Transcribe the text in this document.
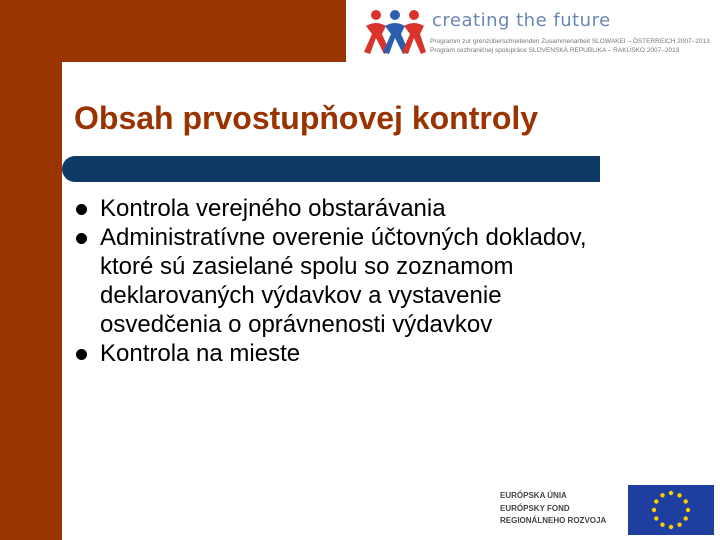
creating the future
Programm zur grenzüberschreitenden Zusammenarbeit SLOWAKEI – ÖSTERREICH 2007–2013
Program cezhraničnej spolupráce SLOVENSKÁ REPUBLIKA – RAKÚSKO 2007–2013
Obsah prvostupňovej kontroly
Kontrola verejného obstarávania
Administratívne overenie účtovných dokladov, ktoré sú zasielané spolu so zoznamom deklarovaných výdavkov a vystavenie osvedčenia o oprávnenosti výdavkov
Kontrola na mieste
EURÓPSKA ÚNIA
EURÓPSKY FOND
REGIONÁLNEHO ROZVOJA
